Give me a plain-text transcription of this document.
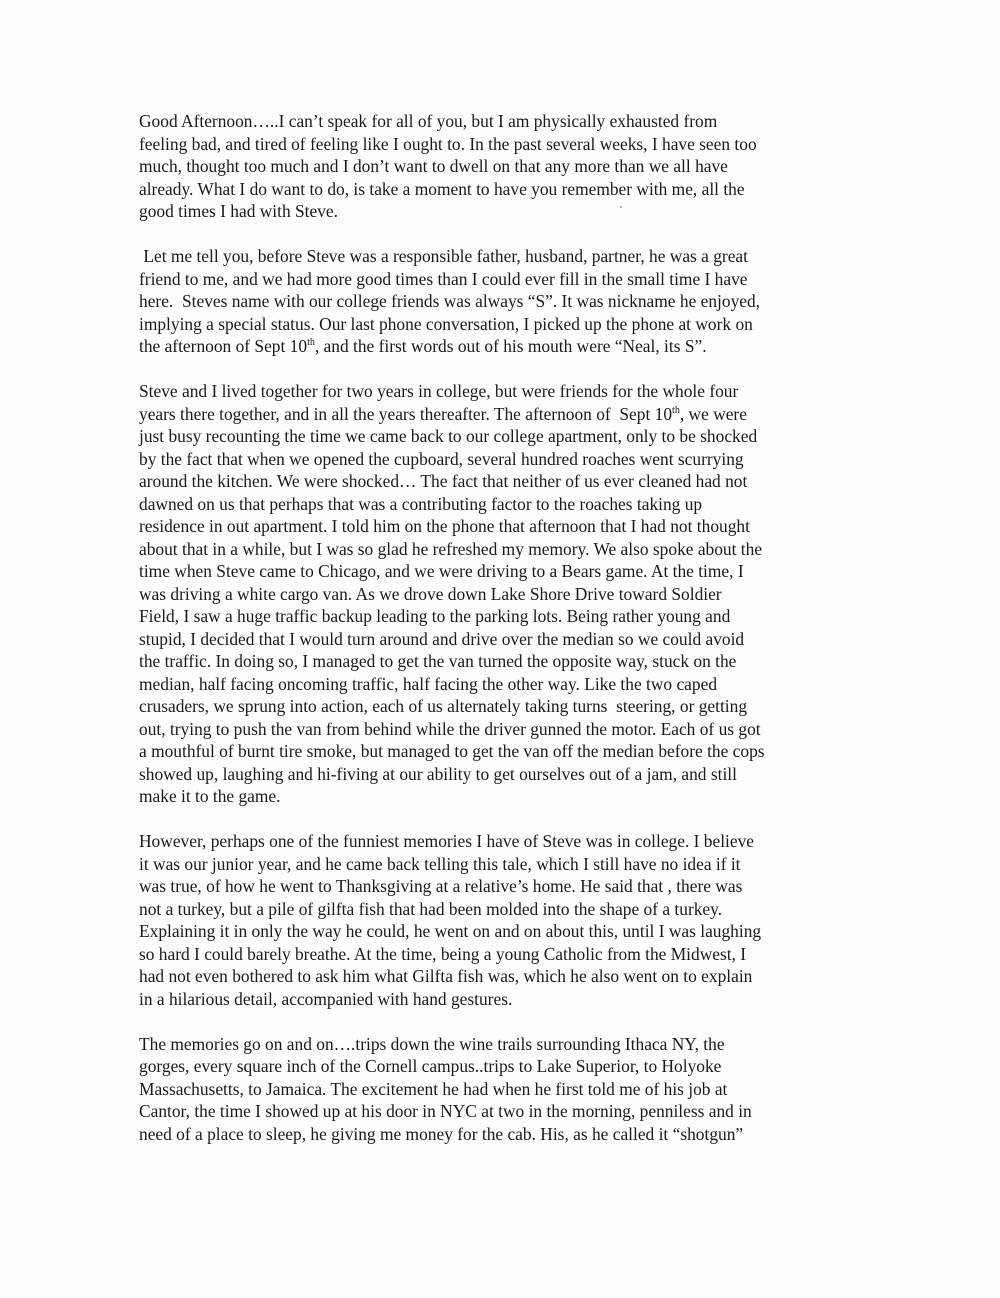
Good Afternoon…..I can’t speak for all of you, but I am physically exhausted from
feeling bad, and tired of feeling like I ought to. In the past several weeks, I have seen too
much, thought too much and I don’t want to dwell on that any more than we all have
already. What I do want to do, is take a moment to have you remember with me, all the
good times I had with Steve.
Let me tell you, before Steve was a responsible father, husband, partner, he was a great
friend to me, and we had more good times than I could ever fill in the small time I have
here.  Steves name with our college friends was always “S”. It was nickname he enjoyed,
implying a special status. Our last phone conversation, I picked up the phone at work on
the afternoon of Sept 10th, and the first words out of his mouth were “Neal, its S”.
Steve and I lived together for two years in college, but were friends for the whole four
years there together, and in all the years thereafter. The afternoon of  Sept 10th, we were
just busy recounting the time we came back to our college apartment, only to be shocked
by the fact that when we opened the cupboard, several hundred roaches went scurrying
around the kitchen. We were shocked… The fact that neither of us ever cleaned had not
dawned on us that perhaps that was a contributing factor to the roaches taking up
residence in out apartment. I told him on the phone that afternoon that I had not thought
about that in a while, but I was so glad he refreshed my memory. We also spoke about the
time when Steve came to Chicago, and we were driving to a Bears game. At the time, I
was driving a white cargo van. As we drove down Lake Shore Drive toward Soldier
Field, I saw a huge traffic backup leading to the parking lots. Being rather young and
stupid, I decided that I would turn around and drive over the median so we could avoid
the traffic. In doing so, I managed to get the van turned the opposite way, stuck on the
median, half facing oncoming traffic, half facing the other way. Like the two caped
crusaders, we sprung into action, each of us alternately taking turns  steering, or getting
out, trying to push the van from behind while the driver gunned the motor. Each of us got
a mouthful of burnt tire smoke, but managed to get the van off the median before the cops
showed up, laughing and hi-fiving at our ability to get ourselves out of a jam, and still
make it to the game.
However, perhaps one of the funniest memories I have of Steve was in college. I believe
it was our junior year, and he came back telling this tale, which I still have no idea if it
was true, of how he went to Thanksgiving at a relative’s home. He said that , there was
not a turkey, but a pile of gilfta fish that had been molded into the shape of a turkey.
Explaining it in only the way he could, he went on and on about this, until I was laughing
so hard I could barely breathe. At the time, being a young Catholic from the Midwest, I
had not even bothered to ask him what Gilfta fish was, which he also went on to explain
in a hilarious detail, accompanied with hand gestures.
The memories go on and on….trips down the wine trails surrounding Ithaca NY, the
gorges, every square inch of the Cornell campus..trips to Lake Superior, to Holyoke
Massachusetts, to Jamaica. The excitement he had when he first told me of his job at
Cantor, the time I showed up at his door in NYC at two in the morning, penniless and in
need of a place to sleep, he giving me money for the cab. His, as he called it “shotgun”
